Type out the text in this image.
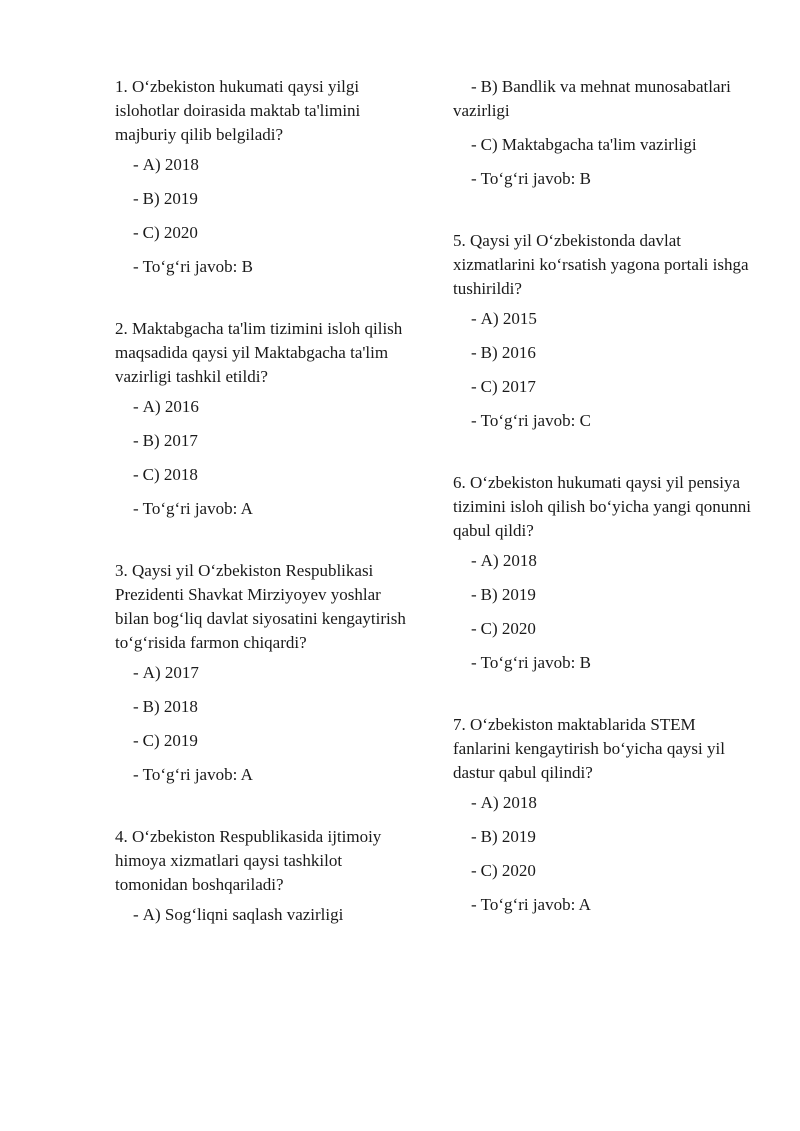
1. O‘zbekiston hukumati qaysi yilgi islohotlar doirasida maktab ta'limini majburiy qilib belgiladi?

- A) 2018
- B) 2019
- C) 2020
- To‘g‘ri javob: B

2. Maktabgacha ta'lim tizimini isloh qilish maqsadida qaysi yil Maktabgacha ta'lim vazirligi tashkil etildi?

- A) 2016
- B) 2017
- C) 2018
- To‘g‘ri javob: A

3. Qaysi yil O‘zbekiston Respublikasi Prezidenti Shavkat Mirziyoyev yoshlar bilan bog‘liq davlat siyosatini kengaytirish to‘g‘risida farmon chiqardi?

- A) 2017
- B) 2018
- C) 2019
- To‘g‘ri javob: A

4. O‘zbekiston Respublikasida ijtimoiy himoya xizmatlari qaysi tashkilot tomonidan boshqariladi?

- A) Sog‘liqni saqlash vazirligi
- B) Bandlik va mehnat munosabatlari vazirligi
- C) Maktabgacha ta'lim vazirligi
- To‘g‘ri javob: B

5. Qaysi yil O‘zbekistonda davlat xizmatlarini ko‘rsatish yagona portali ishga tushirildi?

- A) 2015
- B) 2016
- C) 2017
- To‘g‘ri javob: C

6. O‘zbekiston hukumati qaysi yil pensiya tizimini isloh qilish bo‘yicha yangi qonunni qabul qildi?

- A) 2018
- B) 2019
- C) 2020
- To‘g‘ri javob: B

7. O‘zbekiston maktablarida STEM fanlarini kengaytirish bo‘yicha qaysi yil dastur qabul qilindi?

- A) 2018
- B) 2019
- C) 2020
- To‘g‘ri javob: A
